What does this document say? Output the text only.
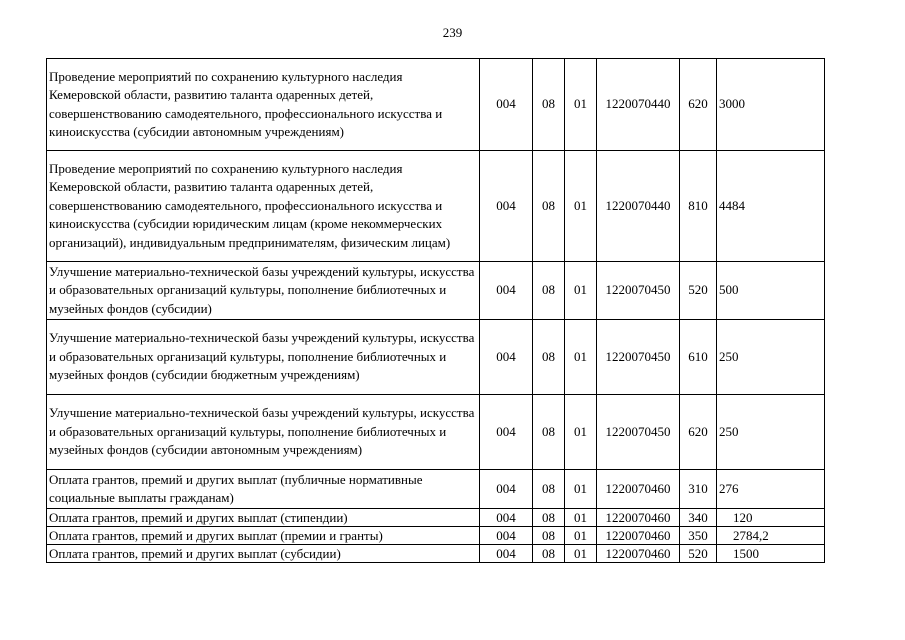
239
Проведение мероприятий по сохранению культурного наследия Кемеровской области, развитию таланта одаренных детей, совершенствованию самодеятельного, профессионального искусства и киноискусства (субсидии автономным учреждениям)	004	08	01	1220070440	620	3000
Проведение мероприятий по сохранению культурного наследия Кемеровской области, развитию таланта одаренных детей, совершенствованию самодеятельного, профессионального искусства и киноискусства (субсидии юридическим лицам (кроме некоммерческих организаций), индивидуальным предпринимателям, физическим лицам)	004	08	01	1220070440	810	4484
Улучшение материально-технической базы учреждений культуры, искусства и образовательных организаций культуры, пополнение библиотечных и музейных фондов (субсидии)	004	08	01	1220070450	520	500
Улучшение материально-технической базы учреждений культуры, искусства и образовательных организаций культуры, пополнение библиотечных и музейных фондов (субсидии бюджетным учреждениям)	004	08	01	1220070450	610	250
Улучшение материально-технической базы учреждений культуры, искусства и образовательных организаций культуры, пополнение библиотечных и музейных фондов (субсидии автономным учреждениям)	004	08	01	1220070450	620	250
Оплата грантов, премий и других выплат (публичные нормативные социальные выплаты гражданам)	004	08	01	1220070460	310	276
Оплата грантов, премий и других выплат (стипендии)	004	08	01	1220070460	340	120
Оплата грантов, премий и других выплат (премии и гранты)	004	08	01	1220070460	350	2784,2
Оплата грантов, премий и других выплат (субсидии)	004	08	01	1220070460	520	1500
